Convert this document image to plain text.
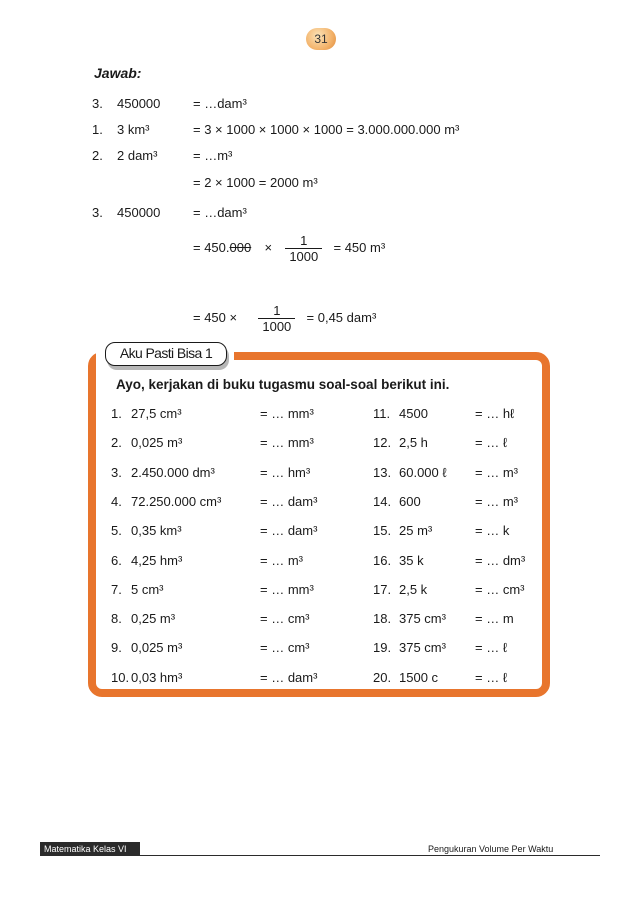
31
Jawab:
3. 450000	= …dam³
1. 3 km³	= 3 × 1000 × 1000 × 1000 = 3.000.000.000 m³
2. 2 dam³	= …m³
= 2 × 1000 = 2000 m³
3. 450000	= …dam³
= $450.000 \times \frac{1}{1000} = 450$ m³
= $450 \times \frac{1}{1000} = 0,45$ dam³
Aku Pasti Bisa 1
Ayo, kerjakan di buku tugasmu soal-soal berikut ini.
1. 27,5 cm³	= … mm³
2. 0,025 m³	= … mm³
3. 2.450.000 dm³	= … hm³
4. 72.250.000 cm³	= … dam³
5. 0,35 km³	= … dam³
6. 4,25 hm³	= … m³
7. 5 cm³	= … mm³
8. 0,25 m³	= … cm³
9. 0,025 m³	= … cm³
10. 0,03 hm³	= … dam³
11. 4500	= … hℓ
12. 2,5 h	= … ℓ
13. 60.000 ℓ = … m³
14. 600	= … m³
15. 25 m³	= … k
16. 35 k	= … dm³
17. 2,5 k	= … cm³
18. 375 cm³ = … m
19. 375 cm³ = … ℓ
20. 1500 c	= … ℓ
Matematika Kelas VI	Pengukuran Volume Per Waktu
